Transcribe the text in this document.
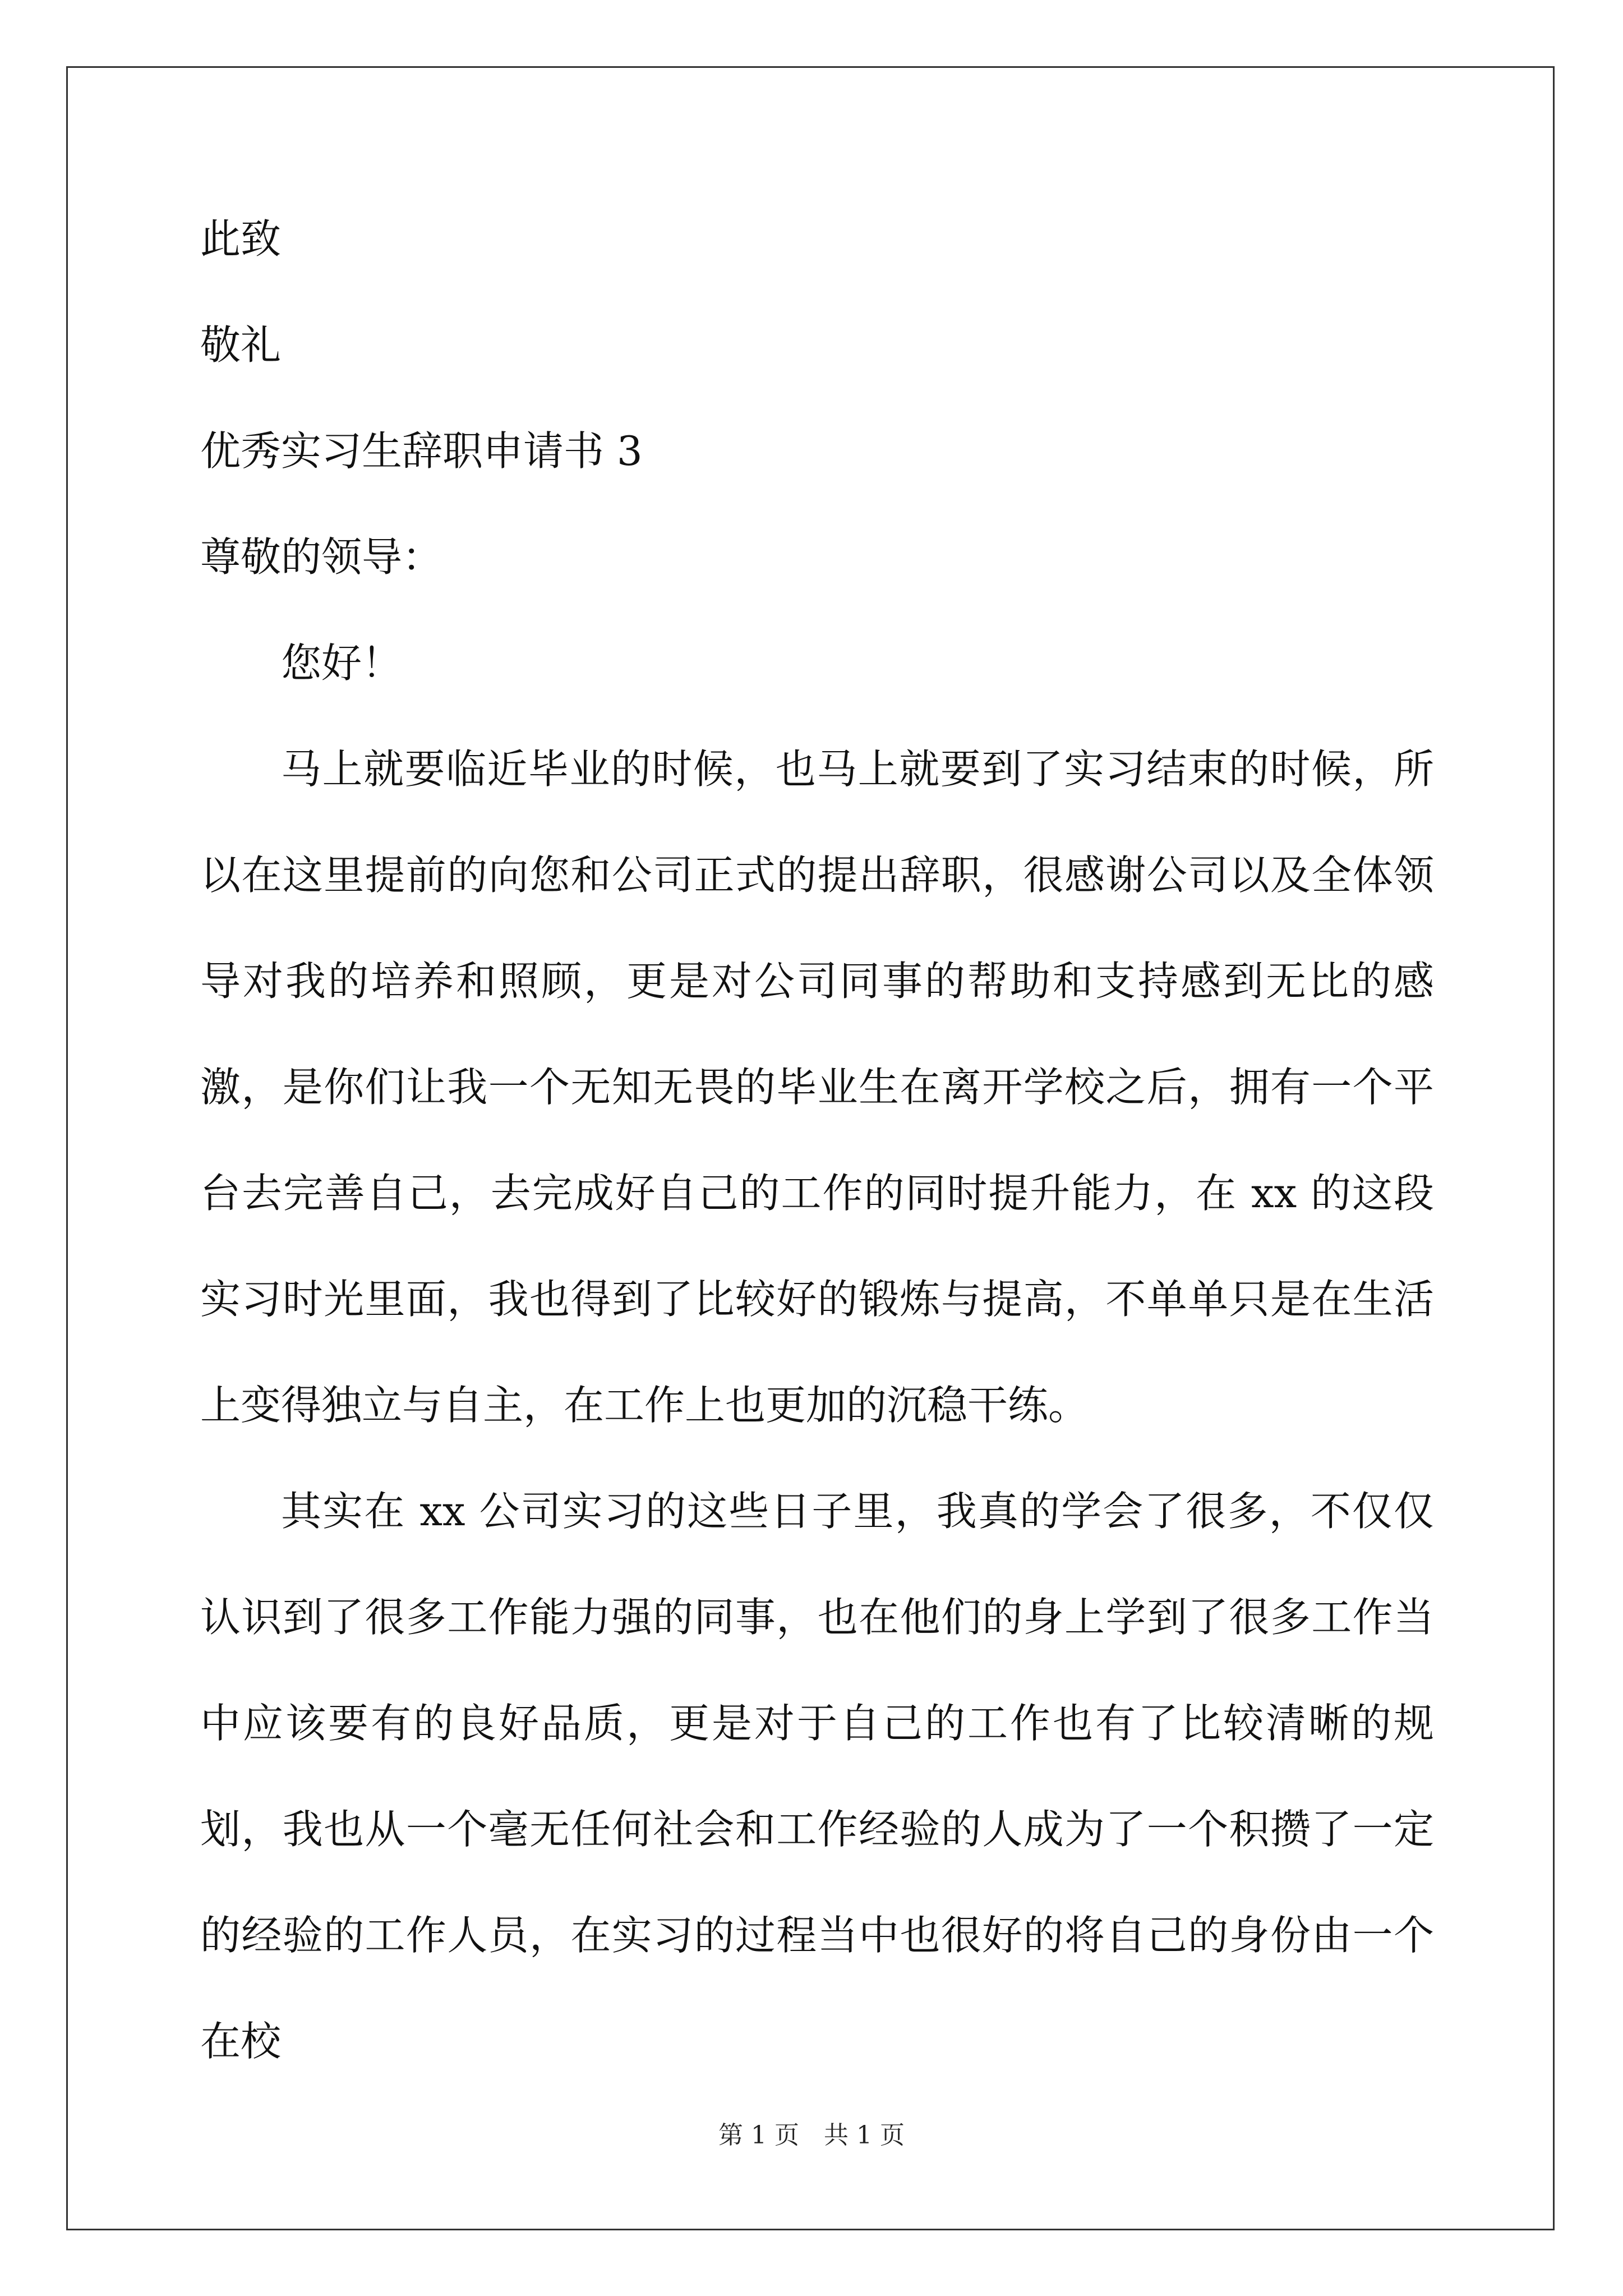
此致
敬礼
优秀实习生辞职申请书 3
尊敬的领导：
您好！

马上就要临近毕业的时候，也马上就要到了实习结束的时候，所以在这里提前的向您和公司正式的提出辞职，很感谢公司以及全体领导对我的培养和照顾，更是对公司同事的帮助和支持感到无比的感激，是你们让我一个无知无畏的毕业生在离开学校之后，拥有一个平台去完善自己，去完成好自己的工作的同时提升能力，在 xx 的这段实习时光里面，我也得到了比较好的锻炼与提高，不单单只是在生活上变得独立与自主，在工作上也更加的沉稳干练。

其实在 xx 公司实习的这些日子里，我真的学会了很多，不仅仅认识到了很多工作能力强的同事，也在他们的身上学到了很多工作当中应该要有的良好品质，更是对于自己的工作也有了比较清晰的规划，我也从一个毫无任何社会和工作经验的人成为了一个积攒了一定的经验的工作人员，在实习的过程当中也很好的将自己的身份由一个在校

第 1 页　共 1 页
